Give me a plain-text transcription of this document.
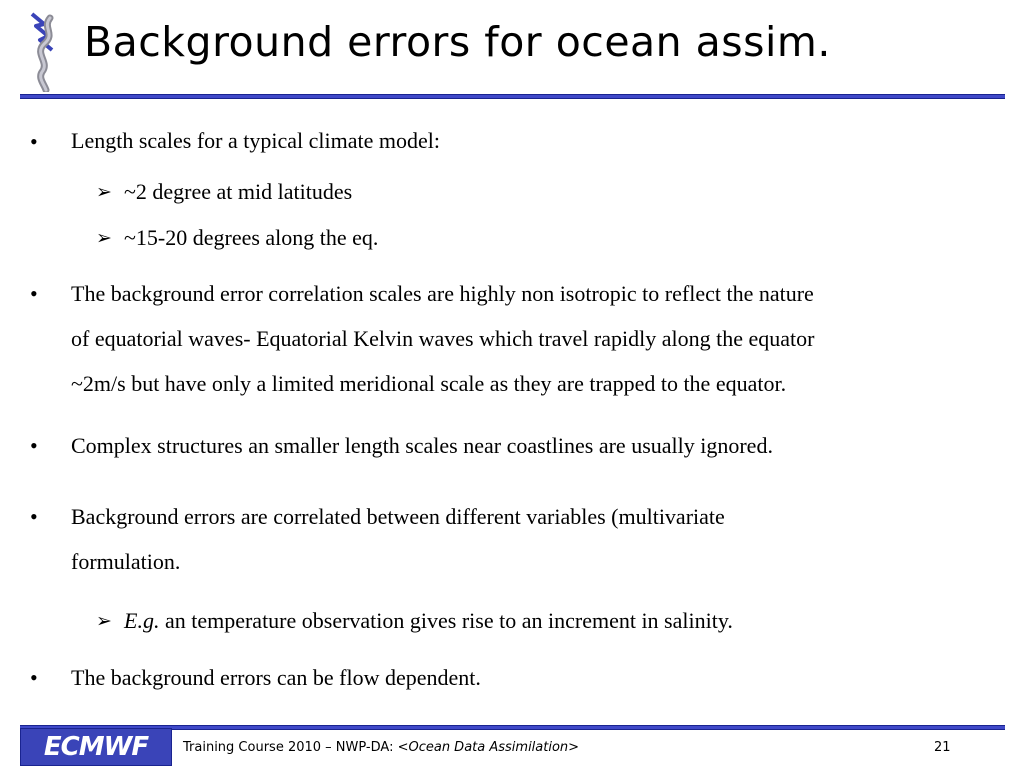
Background errors for ocean assim.
• Length scales for a typical climate model:
➢ ~2 degree at mid latitudes
➢ ~15-20 degrees along the eq.
• The background error correlation scales are highly non isotropic to reflect the nature
of equatorial waves- Equatorial Kelvin waves which travel rapidly along the equator
~2m/s but have only a limited meridional scale as they are trapped to the equator.
• Complex structures an smaller length scales near coastlines are usually ignored.
• Background errors are correlated between different variables (multivariate
formulation.
➢ E.g. an temperature observation gives rise to an increment in salinity.
• The background errors can be flow dependent.
ECMWF	Training Course 2010 – NWP-DA: <Ocean Data Assimilation>	21
